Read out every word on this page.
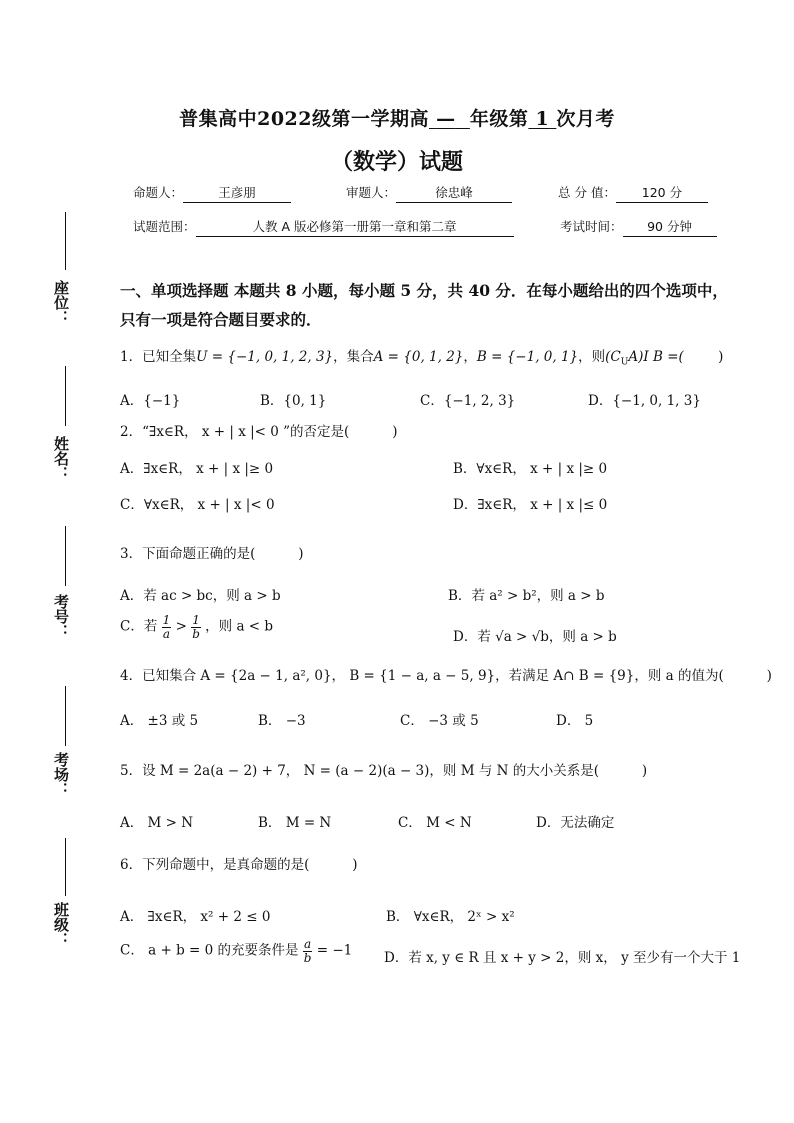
普集高中2022级第一学期高 — 年级第 1 次月考
（数学）试题
命题人：	王彦朋	审题人：	徐忠峰	总 分 值： 120 分
试题范围：	人教 A 版必修第一册第一章和第二章	考试时间： 90 分钟
座位：
姓名：
考号：
考场：
班级：
一、单项选择题 本题共 8 小题，每小题 5 分，共 40 分．在每小题给出的四个选项中，只有一项是符合题目要求的．
1．已知全集U = {−1, 0, 1, 2, 3}，集合A = {0, 1, 2}，B = {−1, 0, 1}，则$(C_UA)I$ B =(        )
A．{−1}	B．{0, 1}	C．{−1, 2, 3}	D．{−1, 0, 1, 3}
2．“∃x∈R， x + | x |< 0 ”的否定是(          )
A．∃x∈R， x + | x |≥ 0	B．∀x∈R， x + | x |≥ 0
C．∀x∈R， x + | x |< 0	D．∃x∈R， x + | x |≤ 0
3．下面命题正确的是(          )
A．若 ac > bc，则 a > b	B．若 a² > b²，则 a > b
C．若 $\frac{1}{a} > \frac{1}{b}$ ，则 a < b
D．若 √a > √b，则 a > b
4．已知集合 A = {2a − 1, a², 0}， B = {1 − a, a − 5, 9}，若满足 A∩ B = {9}，则 a 的值为(          )
A． ±3 或 5	B． −3	C． −3 或 5	D． 5
5．设 M = 2a(a − 2) + 7， N = (a − 2)(a − 3)，则 M 与 N 的大小关系是(          )
A． M > N	B． M = N	C． M < N	D．无法确定
6．下列命题中，是真命题的是(          )
A． ∃x∈R， x² + 2 ≤ 0	B． ∀x∈R， 2ˣ > x²
C． a + b = 0 的充要条件是 $\frac{a}{b} = -1$ D．若 x, y ∈ R 且 x + y > 2，则 x， y 至少有一个大于 1
